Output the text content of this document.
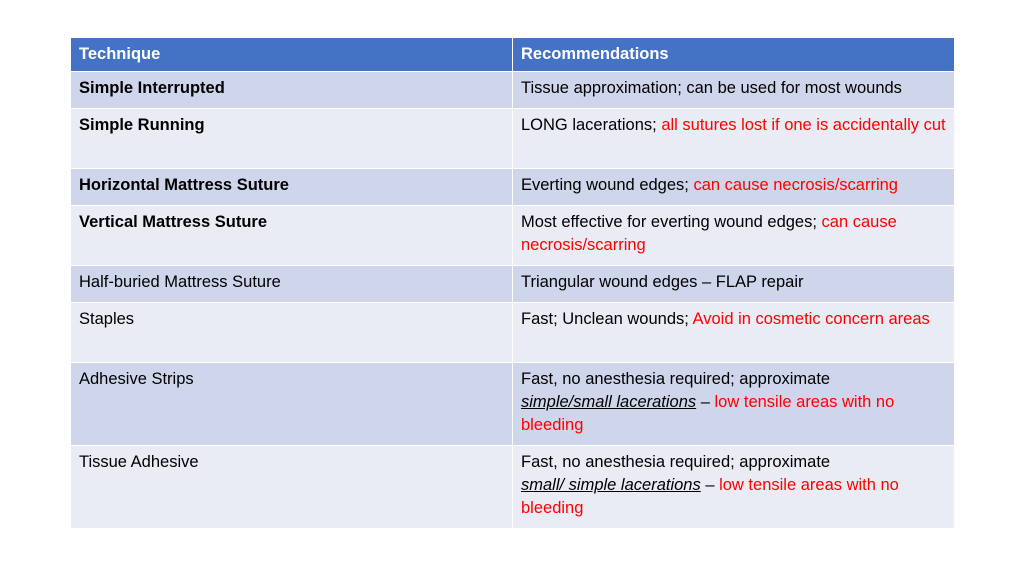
Technique	Recommendations
Simple Interrupted	Tissue approximation; can be used for most wounds
Simple Running	LONG lacerations; all sutures lost if one is accidentally cut
Horizontal Mattress Suture	Everting wound edges; can cause necrosis/scarring
Vertical Mattress Suture	Most effective for everting wound edges; can cause necrosis/scarring
Half-buried Mattress Suture	Triangular wound edges – FLAP repair
Staples	Fast; Unclean wounds; Avoid in cosmetic concern areas
Adhesive Strips	Fast, no anesthesia required; approximate
simple/small lacerations – low tensile areas with no bleeding
Tissue Adhesive	Fast, no anesthesia required; approximate
small/ simple lacerations – low tensile areas with no bleeding
